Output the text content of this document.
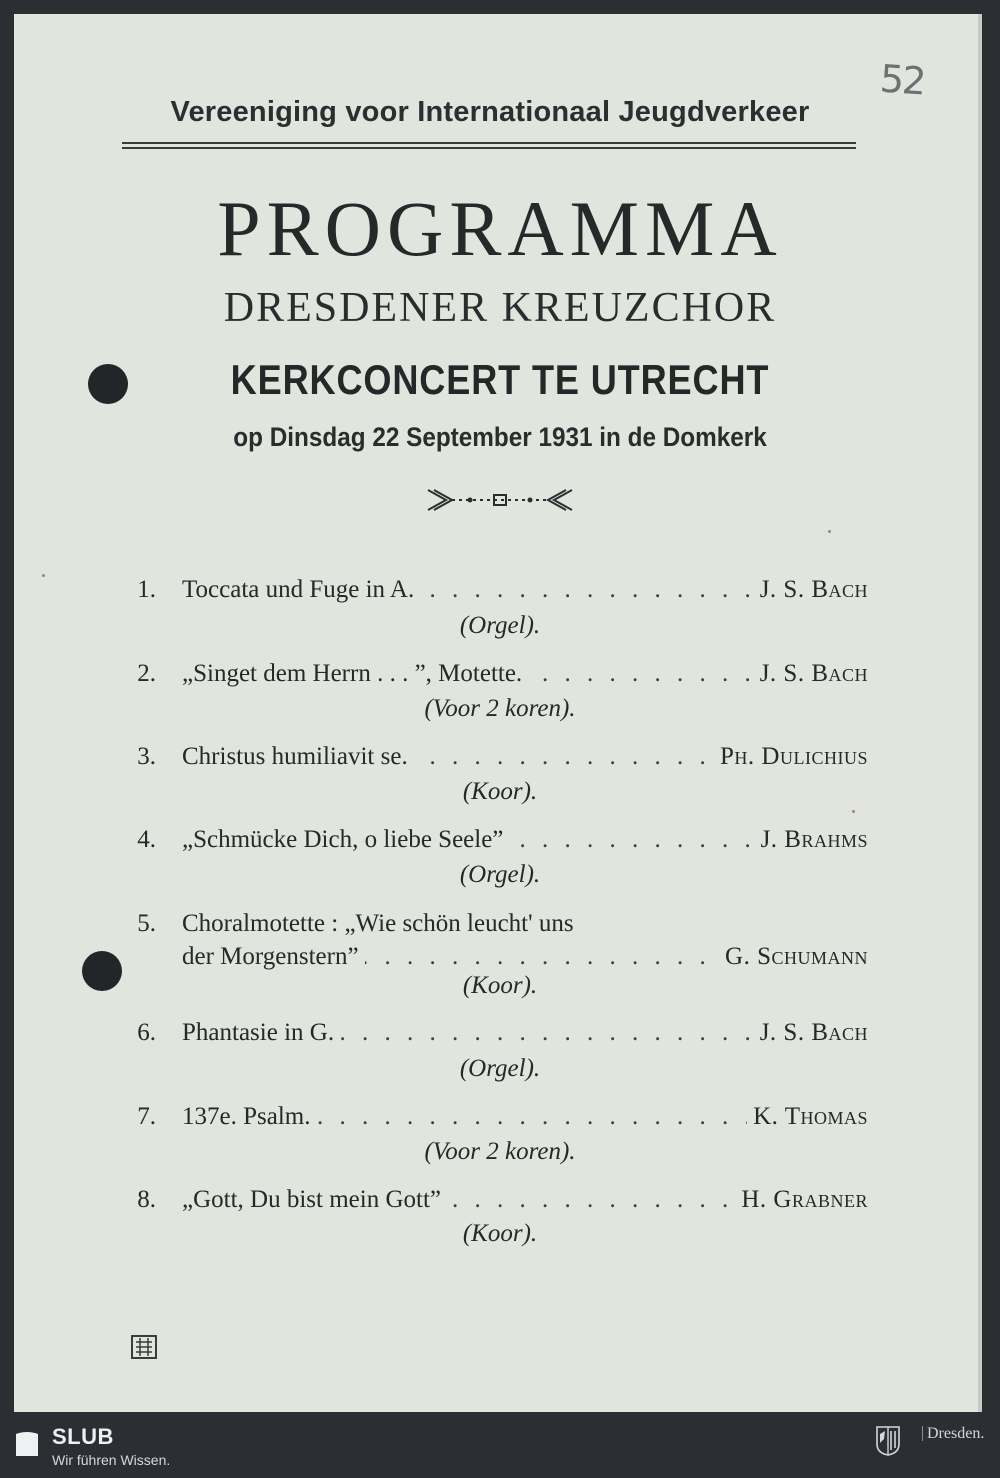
52
Vereeniging voor Internationaal Jeugdverkeer
PROGRAMMA
DRESDENER KREUZCHOR
KERKCONCERT TE UTRECHT
op Dinsdag 22 September 1931 in de Domkerk
1. . . . Toccata und Fuge in A.	J. S. Bach
(Orgel).
2. . . . „Singet dem Herrn . . . ”, Motette.	J. S. Bach
(Voor 2 koren).
3. . . . Christus humiliavit se.	Ph. Dulichius
(Koor).
4. . . . „Schmücke Dich, o liebe Seele”	J. Brahms
(Orgel).
5. Choralmotette : „Wie schön leucht' uns
. . .
der Morgenstern”	G. Schumann
(Koor).
6. . . . Phantasie in G.	J. S. Bach
(Orgel).
7. . . . 137e. Psalm.	K. Thomas
(Voor 2 koren).
8. . . . „Gott, Du bist mein Gott”	H. Grabner
(Koor).
SLUB
Wir führen Wissen.
Dresden.
